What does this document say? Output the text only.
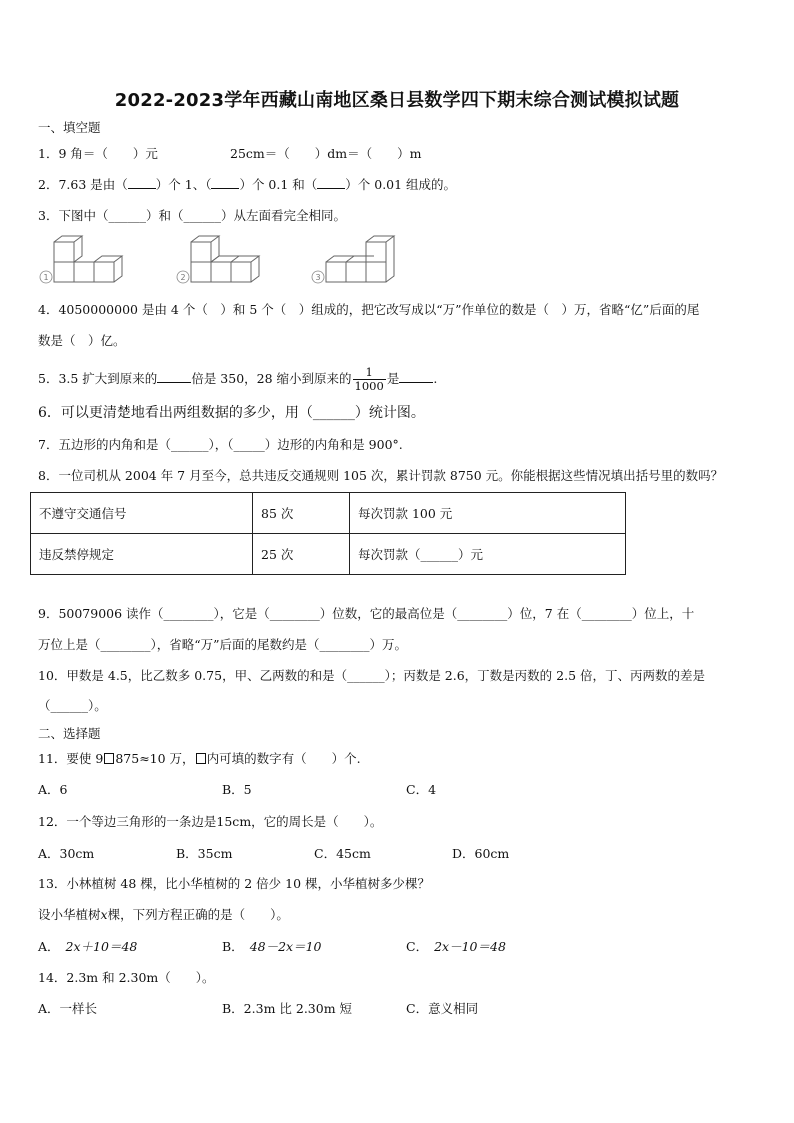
2022-2023学年西藏山南地区桑日县数学四下期末综合测试模拟试题
一、填空题
1．9 角＝（　　）元	25cm＝（　　）dm＝（　　）m
2．7.63 是由（ ）个 1、（ ）个 0.1 和（ ）个 0.01 组成的。
3．下图中（______）和（______）从左面看完全相同。
1	2	3
4．4050000000 是由 4 个（　）和 5 个（　）组成的，把它改写成以“万”作单位的数是（　）万，省略“亿”后面的尾
数是（　）亿。
5．3.5 扩大到原来的	倍是 350，28 缩小到原来的 $\frac{1}{1000}$ 是	.
6．可以更清楚地看出两组数据的多少，用（______）统计图。
7．五边形的内角和是（______），（_____）边形的内角和是 900°.
8．一位司机从 2004 年 7 月至今，总共违反交通规则 105 次，累计罚款 8750 元。你能根据这些情况填出括号里的数吗？
不遵守交通信号	85 次	每次罚款 100 元
违反禁停规定	25 次	每次罚款（______）元
9．50079006 读作（________），它是（________）位数，它的最高位是（________）位，7 在（________）位上，十
万位上是（________），省略“万”后面的尾数约是（________）万。
10．甲数是 4.5，比乙数多 0.75，甲、乙两数的和是（______）；丙数是 2.6，丁数是丙数的 2.5 倍，丁、丙两数的差是
（______）。
二、选择题
11．要使 9 875≈10 万， 内可填的数字有（　　）个.
A．6	B．5	C．4
12．一个等边三角形的一条边是15cm，它的周长是（　　）。
A．30cm	B．35cm	C．45cm	D．60cm
13．小林植树 48 棵，比小华植树的 2 倍少 10 棵，小华植树多少棵？
设小华植树x棵，下列方程正确的是（　　）。
A． 2x＋10＝48	B． 48－2x＝10	C． 2x－10＝48
14．2.3m 和 2.30m（　　）。
A．一样长	B．2.3m 比 2.30m 短	C．意义相同
